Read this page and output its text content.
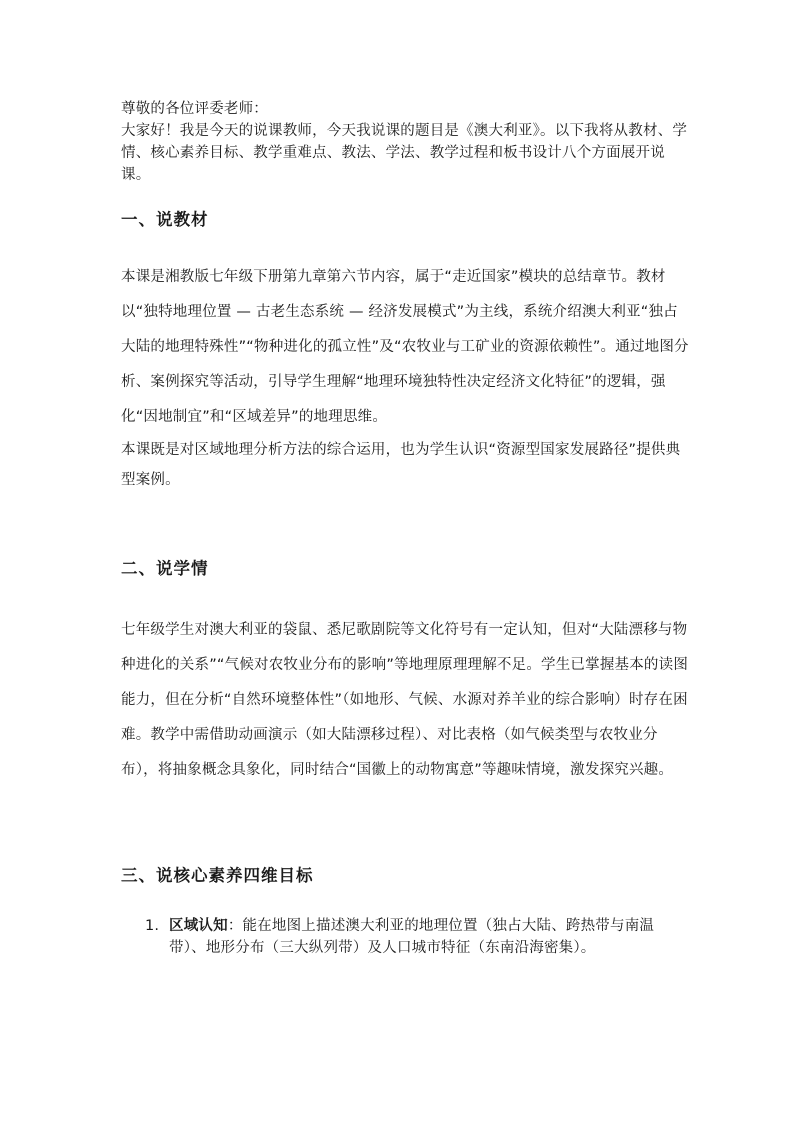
尊敬的各位评委老师：

大家好！我是今天的说课教师，今天我说课的题目是《澳大利亚》。以下我将从教材、学情、核心素养目标、教学重难点、教法、学法、教学过程和板书设计八个方面展开说课。

一、说教材

本课是湘教版七年级下册第九章第六节内容，属于“走近国家”模块的总结章节。教材以“独特地理位置 — 古老生态系统 — 经济发展模式”为主线，系统介绍澳大利亚“独占大陆的地理特殊性”“物种进化的孤立性”及“农牧业与工矿业的资源依赖性”。通过地图分析、案例探究等活动，引导学生理解“地理环境独特性决定经济文化特征”的逻辑，强化“因地制宜”和“区域差异”的地理思维。

本课既是对区域地理分析方法的综合运用，也为学生认识“资源型国家发展路径”提供典型案例。

二、说学情

七年级学生对澳大利亚的袋鼠、悉尼歌剧院等文化符号有一定认知，但对“大陆漂移与物种进化的关系”“气候对农牧业分布的影响”等地理原理理解不足。学生已掌握基本的读图能力，但在分析“自然环境整体性”（如地形、气候、水源对养羊业的综合影响）时存在困难。教学中需借助动画演示（如大陆漂移过程）、对比表格（如气候类型与农牧业分布），将抽象概念具象化，同时结合“国徽上的动物寓意”等趣味情境，激发探究兴趣。

三、说核心素养四维目标
1. 区域认知：能在地图上描述澳大利亚的地理位置（独占大陆、跨热带与南温带）、地形分布（三大纵列带）及人口城市特征（东南沿海密集）。
